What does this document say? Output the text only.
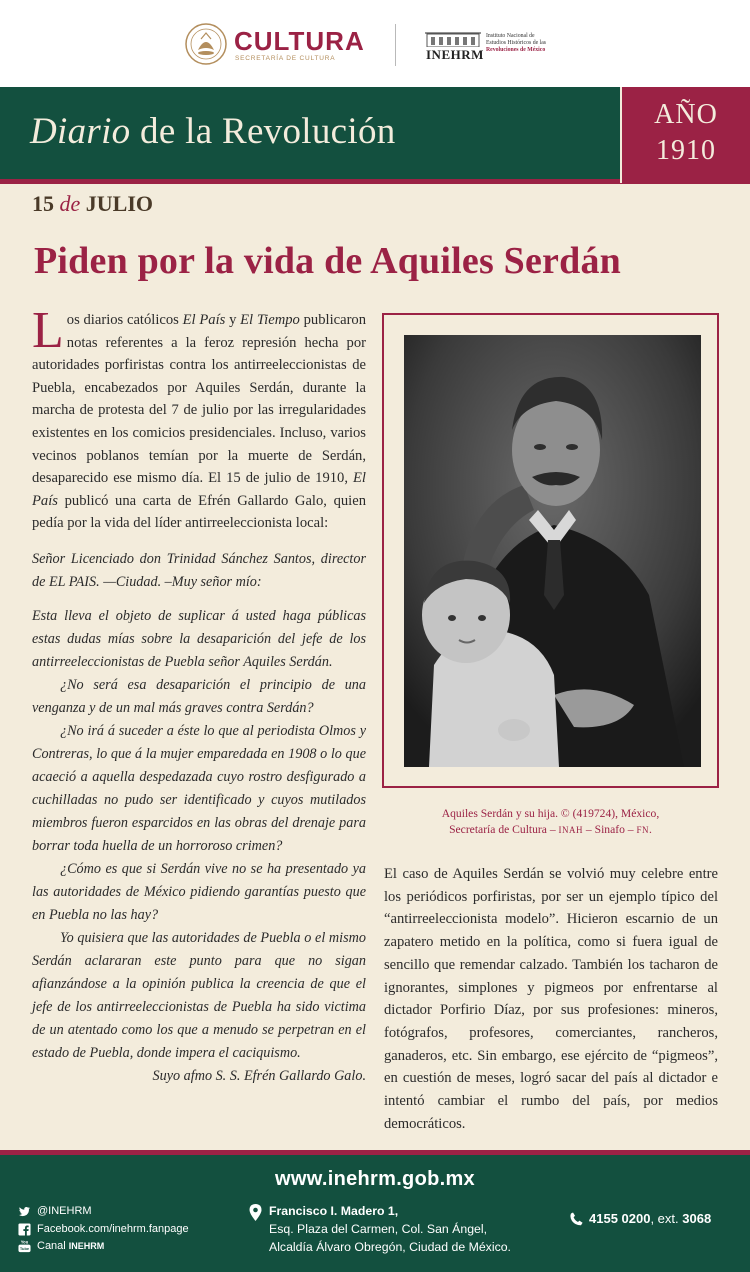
CULTURA
SECRETARÍA DE CULTURA	INEHRM
Instituto Nacional de
Estudios Históricos de las
Revoluciones de México
Diario de la Revolución	AÑO
1910
15 de JULIO
Piden por la vida de Aquiles Serdán

Los diarios católicos El País y El Tiempo publicaron notas referentes a la feroz represión hecha por autoridades porfiristas contra los antirreeleccionistas de Puebla, encabezados por Aquiles Serdán, durante la marcha de protesta del 7 de julio por las irregularidades existentes en los comicios presidenciales. Incluso, varios vecinos poblanos temían por la muerte de Serdán, desaparecido ese mismo día. El 15 de julio de 1910, El País publicó una carta de Efrén Gallardo Galo, quien pedía por la vida del líder antirreeleccionista local:

Señor Licenciado don Trinidad Sánchez Santos, director de EL PAIS. —Ciudad. –Muy señor mío:

Esta lleva el objeto de suplicar á usted haga públicas estas dudas mías sobre la desaparición del jefe de los antirreeleccionistas de Puebla señor Aquiles Serdán.

¿No será esa desaparición el principio de una venganza y de un mal más graves contra Serdán?

¿No irá á suceder a éste lo que al periodista Olmos y Contreras, lo que á la mujer emparedada en 1908 o lo que acaeció a aquella despedazada cuyo rostro desfigurado a cuchilladas no pudo ser identificado y cuyos mutilados miembros fueron esparcidos en las obras del drenaje para borrar toda huella de un horroroso crimen?

¿Cómo es que si Serdán vive no se ha presentado ya las autoridades de México pidiendo garantías puesto que en Puebla no las hay?

Yo quisiera que las autoridades de Puebla o el mismo Serdán aclararan este punto para que no sigan afianzándose a la opinión publica la creencia de que el jefe de los antirreeleccionistas de Puebla ha sido victima de un atentado como los que a menudo se perpetran en el estado de Puebla, donde impera el caciquismo.

Suyo afmo S. S. Efrén Gallardo Galo.

Aquiles Serdán y su hija. © (419724), México,
Secretaría de Cultura – INAH – Sinafo – FN.

El caso de Aquiles Serdán se volvió muy celebre entre los periódicos porfiristas, por ser un ejemplo típico del “antirreeleccionista modelo”. Hicieron escarnio de un zapatero metido en la política, como si fuera igual de sencillo que remendar calzado. También los tacharon de ignorantes, simplones y pigmeos por enfrentarse al dictador Porfirio Díaz, por sus profesiones: mineros, fotógrafos, profesores, comerciantes, rancheros, ganaderos, etc. Sin embargo, ese ejército de “pigmeos”, en cuestión de meses, logró sacar del país al dictador e intentó cambiar el rumbo del país, por medios democráticos.

www.inehrm.gob.mx
@INEHRM
Facebook.com/inehrm.fanpage
You
Tube Canal INEHRM
Francisco I. Madero 1,
Esq. Plaza del Carmen, Col. San Ángel,
Alcaldía Álvaro Obregón, Ciudad de México.
4155 0200, ext. 3068
